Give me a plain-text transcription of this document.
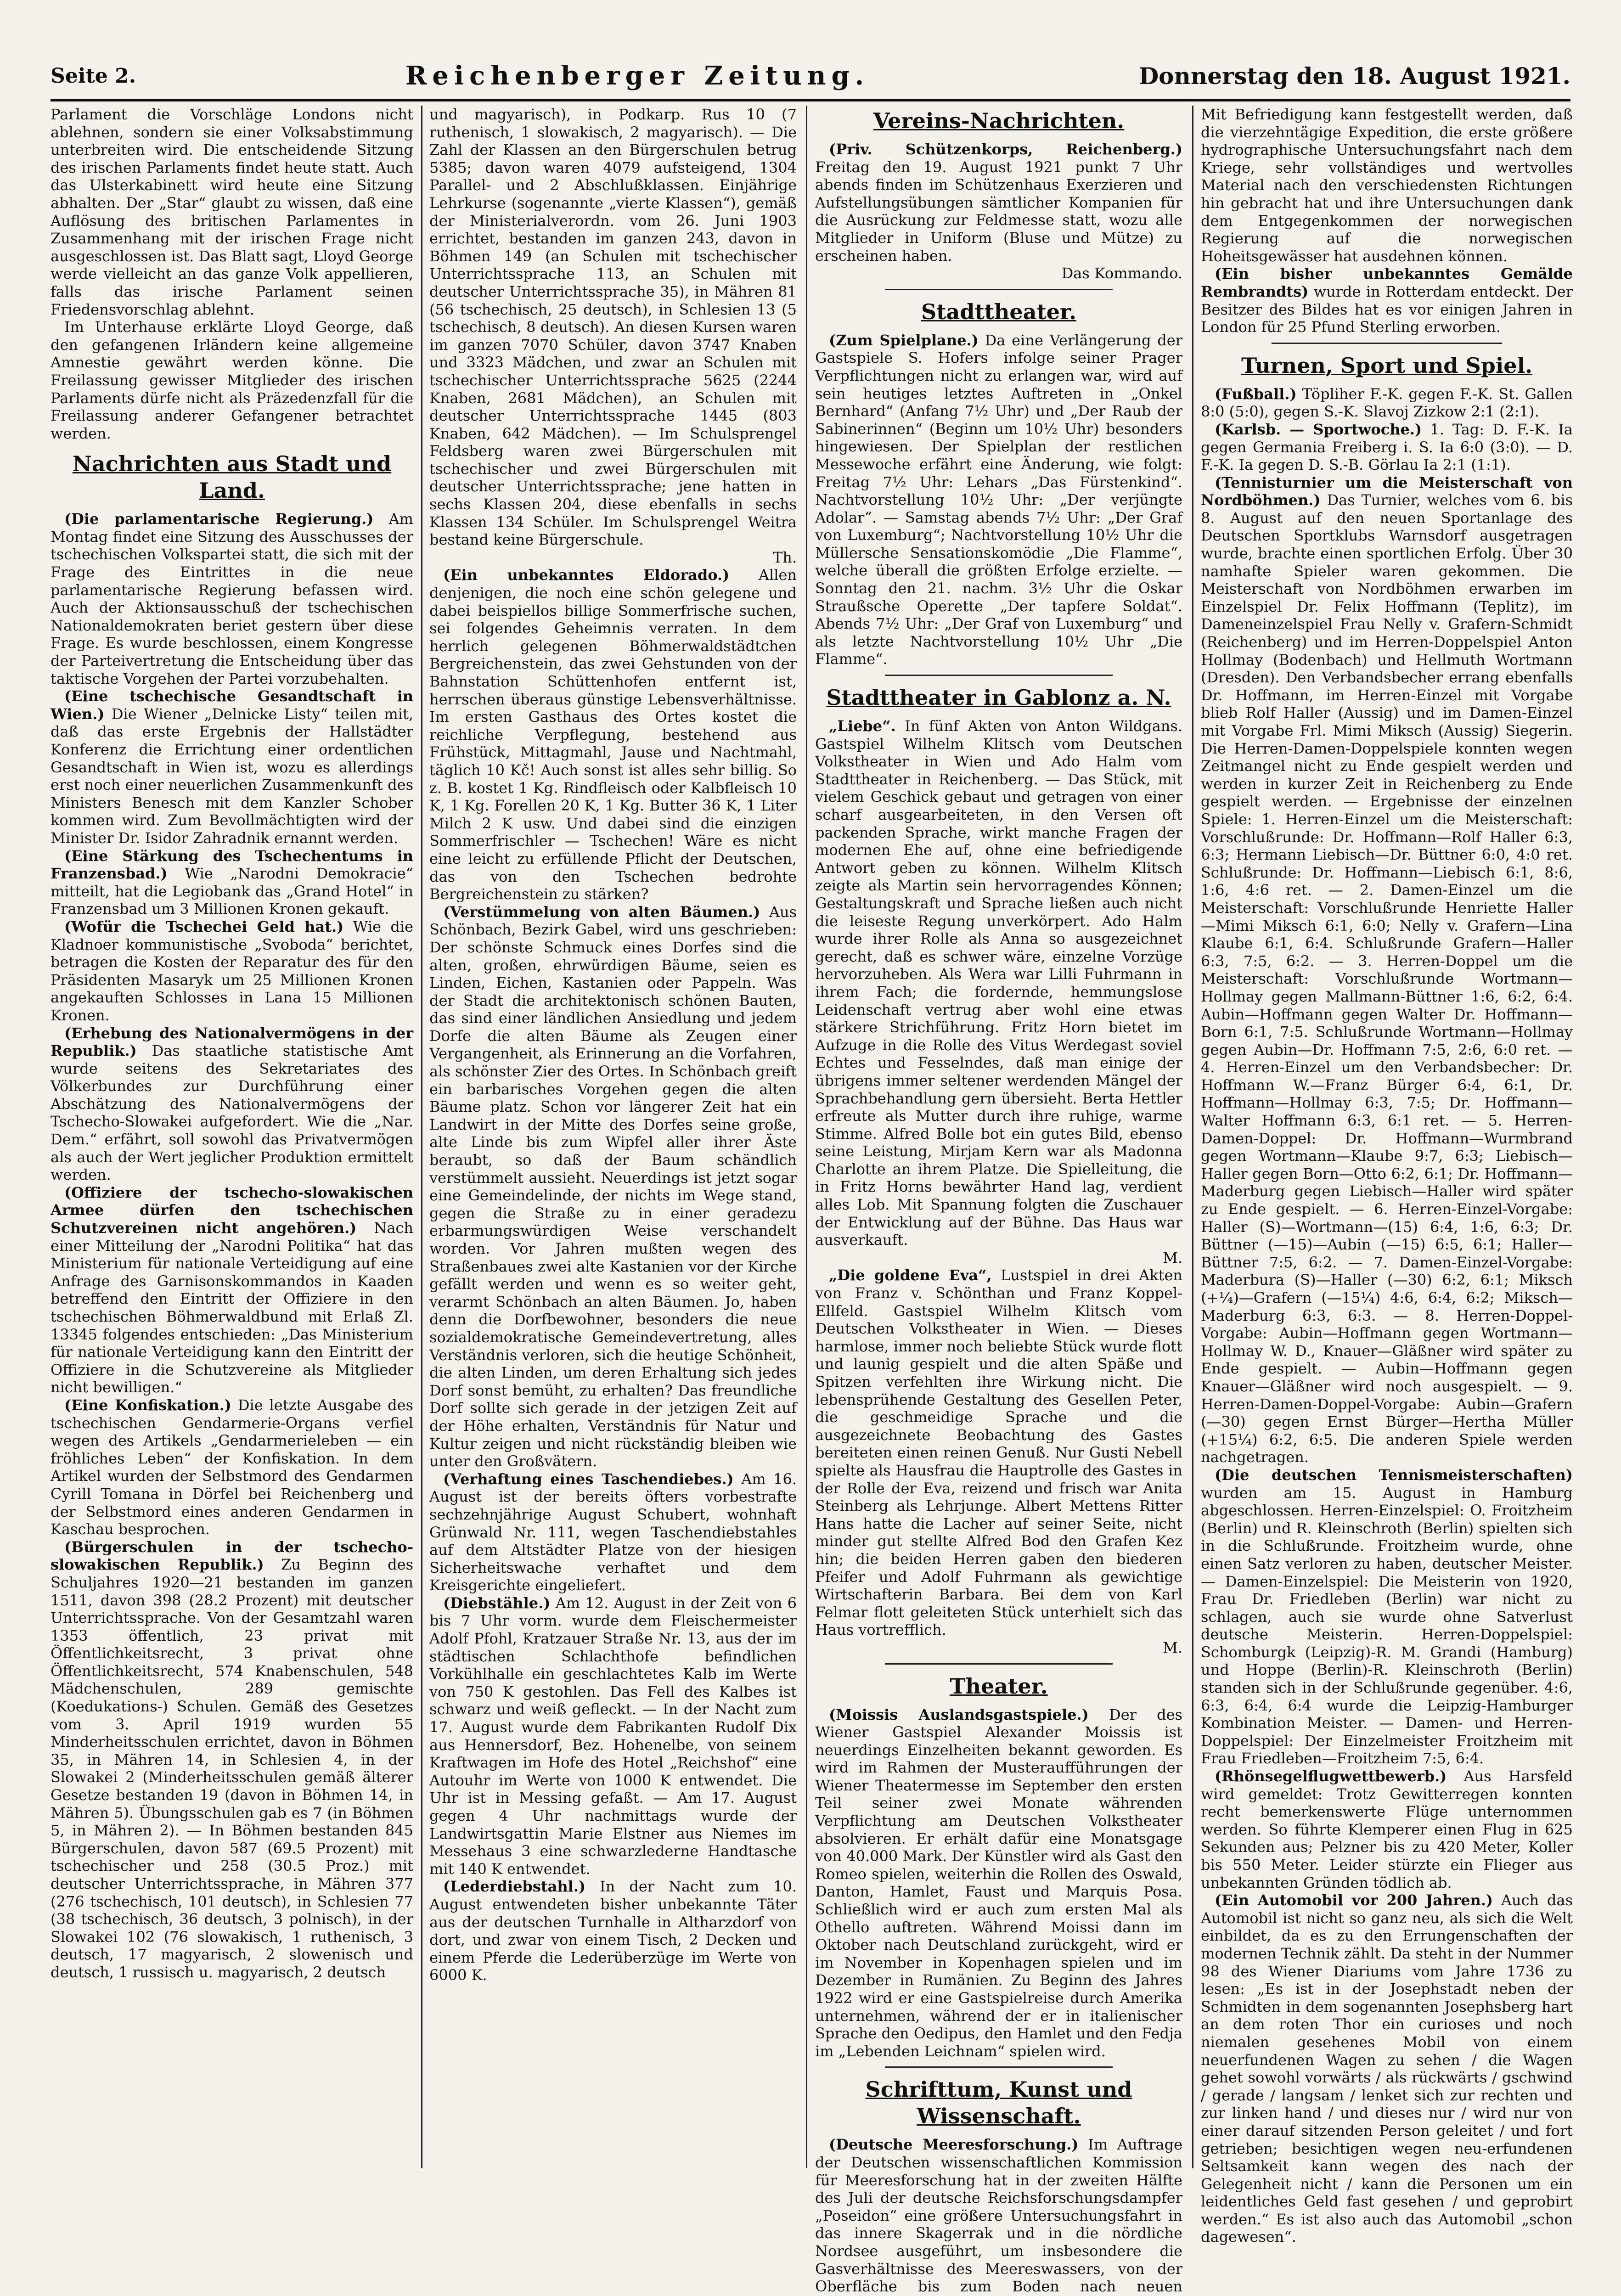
Seite 2.	Reichenberger Zeitung.	Donnerstag den 18. August 1921.

Parlament die Vorschläge Londons nicht ablehnen, sondern sie einer Volksabstimmung unterbreiten wird. Die entscheidende Sitzung des irischen Parlaments findet heute statt. Auch das Ulsterkabinett wird heute eine Sitzung abhalten. Der „Star“ glaubt zu wissen, daß eine Auflösung des britischen Parlamentes in Zusammenhang mit der irischen Frage nicht ausgeschlossen ist. Das Blatt sagt, Lloyd George werde vielleicht an das ganze Volk appellieren, falls das irische Parlament seinen Friedensvorschlag ablehnt.

Im Unterhause erklärte Lloyd George, daß den gefangenen Irländern keine allgemeine Amnestie gewährt werden könne. Die Freilassung gewisser Mitglieder des irischen Parlaments dürfe nicht als Präzedenzfall für die Freilassung anderer Gefangener betrachtet werden.

Nachrichten aus Stadt und Land.

(Die parlamentarische Regierung.) Am Montag findet eine Sitzung des Ausschusses der tschechischen Volkspartei statt, die sich mit der Frage des Eintrittes in die neue parlamentarische Regierung befassen wird. Auch der Aktionsausschuß der tschechischen Nationaldemokraten beriet gestern über diese Frage. Es wurde beschlossen, einem Kongresse der Parteivertretung die Entscheidung über das taktische Vorgehen der Partei vorzubehalten.

(Eine tschechische Gesandtschaft in Wien.) Die Wiener „Delnicke Listy“ teilen mit, daß das erste Ergebnis der Hallstädter Konferenz die Errichtung einer ordentlichen Gesandtschaft in Wien ist, wozu es allerdings erst noch einer neuerlichen Zusammenkunft des Ministers Benesch mit dem Kanzler Schober kommen wird. Zum Bevollmächtigten wird der Minister Dr. Isidor Zahradnik ernannt werden.

(Eine Stärkung des Tschechentums in Franzensbad.) Wie „Narodni Demokracie“ mitteilt, hat die Legiobank das „Grand Hotel“ in Franzensbad um 3 Millionen Kronen gekauft.

(Wofür die Tschechei Geld hat.) Wie die Kladnoer kommunistische „Svoboda“ berichtet, betragen die Kosten der Reparatur des für den Präsidenten Masaryk um 25 Millionen Kronen angekauften Schlosses in Lana 15 Millionen Kronen.

(Erhebung des Nationalvermögens in der Republik.) Das staatliche statistische Amt wurde seitens des Sekretariates des Völkerbundes zur Durchführung einer Abschätzung des Nationalvermögens der Tschecho-Slowakei aufgefordert. Wie die „Nar. Dem.“ erfährt, soll sowohl das Privatvermögen als auch der Wert jeglicher Produktion ermittelt werden.

(Offiziere der tschecho-slowakischen Armee dürfen den tschechischen Schutzvereinen nicht angehören.) Nach einer Mitteilung der „Narodni Politika“ hat das Ministerium für nationale Verteidigung auf eine Anfrage des Garnisonskommandos in Kaaden betreffend den Eintritt der Offiziere in den tschechischen Böhmerwaldbund mit Erlaß Zl. 13345 folgendes entschieden: „Das Ministerium für nationale Verteidigung kann den Eintritt der Offiziere in die Schutzvereine als Mitglieder nicht bewilligen.“

(Eine Konfiskation.) Die letzte Ausgabe des tschechischen Gendarmerie-Organs verfiel wegen des Artikels „Gendarmerieleben — ein fröhliches Leben“ der Konfiskation. In dem Artikel wurden der Selbstmord des Gendarmen Cyrill Tomana in Dörfel bei Reichenberg und der Selbstmord eines anderen Gendarmen in Kaschau besprochen.

(Bürgerschulen in der tschecho-slowakischen Republik.) Zu Beginn des Schuljahres 1920—21 bestanden im ganzen 1511, davon 398 (28.2 Prozent) mit deutscher Unterrichtssprache. Von der Gesamtzahl waren 1353 öffentlich, 23 privat mit Öffentlichkeitsrecht, 3 privat ohne Öffentlichkeitsrecht, 574 Knabenschulen, 548 Mädchenschulen, 289 gemischte (Koedukations-) Schulen. Gemäß des Gesetzes vom 3. April 1919 wurden 55 Minderheitsschulen errichtet, davon in Böhmen 35, in Mähren 14, in Schlesien 4, in der Slowakei 2 (Minderheitsschulen gemäß älterer Gesetze bestanden 19 (davon in Böhmen 14, in Mähren 5). Übungsschulen gab es 7 (in Böhmen 5, in Mähren 2). — In Böhmen bestanden 845 Bürgerschulen, davon 587 (69.5 Prozent) mit tschechischer und 258 (30.5 Proz.) mit deutscher Unterrichtssprache, in Mähren 377 (276 tschechisch, 101 deutsch), in Schlesien 77 (38 tschechisch, 36 deutsch, 3 polnisch), in der Slowakei 102 (76 slowakisch, 1 ruthenisch, 3 deutsch, 17 magyarisch, 2 slowenisch und deutsch, 1 russisch u. magyarisch, 2 deutsch

und magyarisch), in Podkarp. Rus 10 (7 ruthenisch, 1 slowakisch, 2 magyarisch). — Die Zahl der Klassen an den Bürgerschulen betrug 5385; davon waren 4079 aufsteigend, 1304 Parallel- und 2 Abschlußklassen. Einjährige Lehrkurse (sogenannte „vierte Klassen“), gemäß der Ministerialverordn. vom 26. Juni 1903 errichtet, bestanden im ganzen 243, davon in Böhmen 149 (an Schulen mit tschechischer Unterrichtssprache 113, an Schulen mit deutscher Unterrichtssprache 35), in Mähren 81 (56 tschechisch, 25 deutsch), in Schlesien 13 (5 tschechisch, 8 deutsch). An diesen Kursen waren im ganzen 7070 Schüler, davon 3747 Knaben und 3323 Mädchen, und zwar an Schulen mit tschechischer Unterrichtssprache 5625 (2244 Knaben, 2681 Mädchen), an Schulen mit deutscher Unterrichtssprache 1445 (803 Knaben, 642 Mädchen). — Im Schulsprengel Feldsberg waren zwei Bürgerschulen mit tschechischer und zwei Bürgerschulen mit deutscher Unterrichtssprache; jene hatten in sechs Klassen 204, diese ebenfalls in sechs Klassen 134 Schüler. Im Schulsprengel Weitra bestand keine Bürgerschule.

Th.

(Ein unbekanntes Eldorado.) Allen denjenigen, die noch eine schön gelegene und dabei beispiellos billige Sommerfrische suchen, sei folgendes Geheimnis verraten. In dem herrlich gelegenen Böhmerwaldstädtchen Bergreichenstein, das zwei Gehstunden von der Bahnstation Schüttenhofen entfernt ist, herrschen überaus günstige Lebensverhältnisse. Im ersten Gasthaus des Ortes kostet die reichliche Verpflegung, bestehend aus Frühstück, Mittagmahl, Jause und Nachtmahl, täglich 10 Kč! Auch sonst ist alles sehr billig. So z. B. kostet 1 Kg. Rindfleisch oder Kalbfleisch 10 K, 1 Kg. Forellen 20 K, 1 Kg. Butter 36 K, 1 Liter Milch 2 K usw. Und dabei sind die einzigen Sommerfrischler — Tschechen! Wäre es nicht eine leicht zu erfüllende Pflicht der Deutschen, das von den Tschechen bedrohte Bergreichenstein zu stärken?

(Verstümmelung von alten Bäumen.) Aus Schönbach, Bezirk Gabel, wird uns geschrieben: Der schönste Schmuck eines Dorfes sind die alten, großen, ehrwürdigen Bäume, seien es Linden, Eichen, Kastanien oder Pappeln. Was der Stadt die architektonisch schönen Bauten, das sind einer ländlichen Ansiedlung und jedem Dorfe die alten Bäume als Zeugen einer Vergangenheit, als Erinnerung an die Vorfahren, als schönster Zier des Ortes. In Schönbach greift ein barbarisches Vorgehen gegen die alten Bäume platz. Schon vor längerer Zeit hat ein Landwirt in der Mitte des Dorfes seine große, alte Linde bis zum Wipfel aller ihrer Äste beraubt, so daß der Baum schändlich verstümmelt aussieht. Neuerdings ist jetzt sogar eine Gemeindelinde, der nichts im Wege stand, gegen die Straße zu in einer geradezu erbarmungswürdigen Weise verschandelt worden. Vor Jahren mußten wegen des Straßenbaues zwei alte Kastanien vor der Kirche gefällt werden und wenn es so weiter geht, verarmt Schönbach an alten Bäumen. Jo, haben denn die Dorfbewohner, besonders die neue sozialdemokratische Gemeindevertretung, alles Verständnis verloren, sich die heutige Schönheit, die alten Linden, um deren Erhaltung sich jedes Dorf sonst bemüht, zu erhalten? Das freundliche Dorf sollte sich gerade in der jetzigen Zeit auf der Höhe erhalten, Verständnis für Natur und Kultur zeigen und nicht rückständig bleiben wie unter den Großvätern.

(Verhaftung eines Taschendiebes.) Am 16. August ist der bereits öfters vorbestrafte sechzehnjährige August Schubert, wohnhaft Grünwald Nr. 111, wegen Taschendiebstahles auf dem Altstädter Platze von der hiesigen Sicherheitswache verhaftet und dem Kreisgerichte eingeliefert.

(Diebstähle.) Am 12. August in der Zeit von 6 bis 7 Uhr vorm. wurde dem Fleischermeister Adolf Pfohl, Kratzauer Straße Nr. 13, aus der im städtischen Schlachthofe befindlichen Vorkühlhalle ein geschlachtetes Kalb im Werte von 750 K gestohlen. Das Fell des Kalbes ist schwarz und weiß gefleckt. — In der Nacht zum 17. August wurde dem Fabrikanten Rudolf Dix aus Hennersdorf, Bez. Hohenelbe, von seinem Kraftwagen im Hofe des Hotel „Reichshof“ eine Autouhr im Werte von 1000 K entwendet. Die Uhr ist in Messing gefaßt. — Am 17. August gegen 4 Uhr nachmittags wurde der Landwirtsgattin Marie Elstner aus Niemes im Messehaus 3 eine schwarzlederne Handtasche mit 140 K entwendet.

(Lederdiebstahl.) In der Nacht zum 10. August entwendeten bisher unbekannte Täter aus der deutschen Turnhalle in Altharzdorf von dort, und zwar von einem Tisch, 2 Decken und einem Pferde die Lederüberzüge im Werte von 6000 K.

Vereins-Nachrichten.

(Priv. Schützenkorps, Reichenberg.) Freitag den 19. August 1921 punkt 7 Uhr abends finden im Schützenhaus Exerzieren und Aufstellungsübungen sämtlicher Kompanien für die Ausrückung zur Feldmesse statt, wozu alle Mitglieder in Uniform (Bluse und Mütze) zu erscheinen haben.

Das Kommando.

Stadttheater.

(Zum Spielplane.) Da eine Verlängerung der Gastspiele S. Hofers infolge seiner Prager Verpflichtungen nicht zu erlangen war, wird auf sein heutiges letztes Auftreten in „Onkel Bernhard“ (Anfang 7½ Uhr) und „Der Raub der Sabinerinnen“ (Beginn um 10½ Uhr) besonders hingewiesen. Der Spielplan der restlichen Messewoche erfährt eine Änderung, wie folgt: Freitag 7½ Uhr: Lehars „Das Fürstenkind“. Nachtvorstellung 10½ Uhr: „Der verjüngte Adolar“. — Samstag abends 7½ Uhr: „Der Graf von Luxemburg“; Nachtvorstellung 10½ Uhr die Müllersche Sensationskomödie „Die Flamme“, welche überall die größten Erfolge erzielte. — Sonntag den 21. nachm. 3½ Uhr die Oskar Straußsche Operette „Der tapfere Soldat“. Abends 7½ Uhr: „Der Graf von Luxemburg“ und als letzte Nachtvorstellung 10½ Uhr „Die Flamme“.

Stadttheater in Gablonz a. N.

„Liebe“. In fünf Akten von Anton Wildgans. Gastspiel Wilhelm Klitsch vom Deutschen Volkstheater in Wien und Ado Halm vom Stadttheater in Reichenberg. — Das Stück, mit vielem Geschick gebaut und getragen von einer scharf ausgearbeiteten, in den Versen oft packenden Sprache, wirkt manche Fragen der modernen Ehe auf, ohne eine befriedigende Antwort geben zu können. Wilhelm Klitsch zeigte als Martin sein hervorragendes Können; Gestaltungskraft und Sprache ließen auch nicht die leiseste Regung unverkörpert. Ado Halm wurde ihrer Rolle als Anna so ausgezeichnet gerecht, daß es schwer wäre, einzelne Vorzüge hervorzuheben. Als Wera war Lilli Fuhrmann in ihrem Fach; die fordernde, hemmungslose Leidenschaft vertrug aber wohl eine etwas stärkere Strichführung. Fritz Horn bietet im Aufzuge in die Rolle des Vitus Werdegast soviel Echtes und Fesselndes, daß man einige der übrigens immer seltener werdenden Mängel der Sprachbehandlung gern übersieht. Berta Hettler erfreute als Mutter durch ihre ruhige, warme Stimme. Alfred Bolle bot ein gutes Bild, ebenso seine Leistung, Mirjam Kern war als Madonna Charlotte an ihrem Platze. Die Spielleitung, die in Fritz Horns bewährter Hand lag, verdient alles Lob. Mit Spannung folgten die Zuschauer der Entwicklung auf der Bühne. Das Haus war ausverkauft.

M.

„Die goldene Eva“, Lustspiel in drei Akten von Franz v. Schönthan und Franz Koppel-Ellfeld. Gastspiel Wilhelm Klitsch vom Deutschen Volkstheater in Wien. — Dieses harmlose, immer noch beliebte Stück wurde flott und launig gespielt und die alten Späße und Spitzen verfehlten ihre Wirkung nicht. Die lebensprühende Gestaltung des Gesellen Peter, die geschmeidige Sprache und die ausgezeichnete Beobachtung des Gastes bereiteten einen reinen Genuß. Nur Gusti Nebell spielte als Hausfrau die Hauptrolle des Gastes in der Rolle der Eva, reizend und frisch war Anita Steinberg als Lehrjunge. Albert Mettens Ritter Hans hatte die Lacher auf seiner Seite, nicht minder gut stellte Alfred Bod den Grafen Kez hin; die beiden Herren gaben den biederen Pfeifer und Adolf Fuhrmann als gewichtige Wirtschafterin Barbara. Bei dem von Karl Felmar flott geleiteten Stück unterhielt sich das Haus vortrefflich.

M.

Theater.

(Moissis Auslandsgastspiele.) Der des Wiener Gastspiel Alexander Moissis ist neuerdings Einzelheiten bekannt geworden. Es wird im Rahmen der Musteraufführungen der Wiener Theatermesse im September den ersten Teil seiner zwei Monate währenden Verpflichtung am Deutschen Volkstheater absolvieren. Er erhält dafür eine Monatsgage von 40.000 Mark. Der Künstler wird als Gast den Romeo spielen, weiterhin die Rollen des Oswald, Danton, Hamlet, Faust und Marquis Posa. Schließlich wird er auch zum ersten Mal als Othello auftreten. Während Moissi dann im Oktober nach Deutschland zurückgeht, wird er im November in Kopenhagen spielen und im Dezember in Rumänien. Zu Beginn des Jahres 1922 wird er eine Gastspielreise durch Amerika unternehmen, während der er in italienischer Sprache den Oedipus, den Hamlet und den Fedja im „Lebenden Leichnam“ spielen wird.

Schrifttum, Kunst und Wissenschaft.

(Deutsche Meeresforschung.) Im Auftrage der Deutschen wissenschaftlichen Kommission für Meeresforschung hat in der zweiten Hälfte des Juli der deutsche Reichsforschungsdampfer „Poseidon“ eine größere Untersuchungsfahrt in das innere Skagerrak und in die nördliche Nordsee ausgeführt, um insbesondere die Gasverhältnisse des Meereswassers, von der Oberfläche bis zum Boden nach neuen

Mit Befriedigung kann festgestellt werden, daß die vierzehntägige Expedition, die erste größere hydrographische Untersuchungsfahrt nach dem Kriege, sehr vollständiges und wertvolles Material nach den verschiedensten Richtungen hin gebracht hat und ihre Untersuchungen dank dem Entgegenkommen der norwegischen Regierung auf die norwegischen Hoheitsgewässer hat ausdehnen können.

(Ein bisher unbekanntes Gemälde Rembrandts) wurde in Rotterdam entdeckt. Der Besitzer des Bildes hat es vor einigen Jahren in London für 25 Pfund Sterling erworben.

Turnen, Sport und Spiel.

(Fußball.) Töpliher F.-K. gegen F.-K. St. Gallen 8:0 (5:0), gegen S.-K. Slavoj Zizkow 2:1 (2:1).

(Karlsb. — Sportwoche.) 1. Tag: D. F.-K. Ia gegen Germania Freiberg i. S. Ia 6:0 (3:0). — D. F.-K. Ia gegen D. S.-B. Görlau Ia 2:1 (1:1).

(Tennisturnier um die Meisterschaft von Nordböhmen.) Das Turnier, welches vom 6. bis 8. August auf den neuen Sportanlage des Deutschen Sportklubs Warnsdorf ausgetragen wurde, brachte einen sportlichen Erfolg. Über 30 namhafte Spieler waren gekommen. Die Meisterschaft von Nordböhmen erwarben im Einzelspiel Dr. Felix Hoffmann (Teplitz), im Dameneinzelspiel Frau Nelly v. Grafern-Schmidt (Reichenberg) und im Herren-Doppelspiel Anton Hollmay (Bodenbach) und Hellmuth Wortmann (Dresden). Den Verbandsbecher errang ebenfalls Dr. Hoffmann, im Herren-Einzel mit Vorgabe blieb Rolf Haller (Aussig) und im Damen-Einzel mit Vorgabe Frl. Mimi Miksch (Aussig) Siegerin. Die Herren-Damen-Doppelspiele konnten wegen Zeitmangel nicht zu Ende gespielt werden und werden in kurzer Zeit in Reichenberg zu Ende gespielt werden. — Ergebnisse der einzelnen Spiele: 1. Herren-Einzel um die Meisterschaft: Vorschlußrunde: Dr. Hoffmann—Rolf Haller 6:3, 6:3; Hermann Liebisch—Dr. Büttner 6:0, 4:0 ret. Schlußrunde: Dr. Hoffmann—Liebisch 6:1, 8:6, 1:6, 4:6 ret. — 2. Damen-Einzel um die Meisterschaft: Vorschlußrunde Henriette Haller—Mimi Miksch 6:1, 6:0; Nelly v. Grafern—Lina Klaube 6:1, 6:4. Schlußrunde Grafern—Haller 6:3, 7:5, 6:2. — 3. Herren-Doppel um die Meisterschaft: Vorschlußrunde Wortmann—Hollmay gegen Mallmann-Büttner 1:6, 6:2, 6:4. Aubin—Hoffmann gegen Walter Dr. Hoffmann—Born 6:1, 7:5. Schlußrunde Wortmann—Hollmay gegen Aubin—Dr. Hoffmann 7:5, 2:6, 6:0 ret. — 4. Herren-Einzel um den Verbandsbecher: Dr. Hoffmann W.—Franz Bürger 6:4, 6:1, Dr. Hoffmann—Hollmay 6:3, 7:5; Dr. Hoffmann—Walter Hoffmann 6:3, 6:1 ret. — 5. Herren-Damen-Doppel: Dr. Hoffmann—Wurmbrand gegen Wortmann—Klaube 9:7, 6:3; Liebisch—Haller gegen Born—Otto 6:2, 6:1; Dr. Hoffmann—Maderburg gegen Liebisch—Haller wird später zu Ende gespielt. — 6. Herren-Einzel-Vorgabe: Haller (S)—Wortmann—(15) 6:4, 1:6, 6:3; Dr. Büttner (—15)—Aubin (—15) 6:5, 6:1; Haller—Büttner 7:5, 6:2. — 7. Damen-Einzel-Vorgabe: Maderbura (S)—Haller (—30) 6:2, 6:1; Miksch (+¼)—Grafern (—15¼) 4:6, 6:4, 6:2; Miksch—Maderburg 6:3, 6:3. — 8. Herren-Doppel-Vorgabe: Aubin—Hoffmann gegen Wortmann—Hollmay W. D., Knauer—Gläßner wird später zu Ende gespielt. — Aubin—Hoffmann gegen Knauer—Gläßner wird noch ausgespielt. — 9. Herren-Damen-Doppel-Vorgabe: Aubin—Grafern (—30) gegen Ernst Bürger—Hertha Müller (+15¼) 6:2, 6:5. Die anderen Spiele werden nachgetragen.

(Die deutschen Tennismeisterschaften) wurden am 15. August in Hamburg abgeschlossen. Herren-Einzelspiel: O. Froitzheim (Berlin) und R. Kleinschroth (Berlin) spielten sich in die Schlußrunde. Froitzheim wurde, ohne einen Satz verloren zu haben, deutscher Meister. — Damen-Einzelspiel: Die Meisterin von 1920, Frau Dr. Friedleben (Berlin) war nicht zu schlagen, auch sie wurde ohne Satverlust deutsche Meisterin. Herren-Doppelspiel: Schomburgk (Leipzig)-R. M. Grandi (Hamburg) und Hoppe (Berlin)-R. Kleinschroth (Berlin) standen sich in der Schlußrunde gegenüber. 4:6, 6:3, 6:4, 6:4 wurde die Leipzig-Hamburger Kombination Meister. — Damen- und Herren-Doppelspiel: Der Einzelmeister Froitzheim mit Frau Friedleben—Froitzheim 7:5, 6:4.

(Rhönsegelflugwettbewerb.) Aus Harsfeld wird gemeldet: Trotz Gewitterregen konnten recht bemerkenswerte Flüge unternommen werden. So führte Klemperer einen Flug in 625 Sekunden aus; Pelzner bis zu 420 Meter, Koller bis 550 Meter. Leider stürzte ein Flieger aus unbekannten Gründen tödlich ab.

(Ein Automobil vor 200 Jahren.) Auch das Automobil ist nicht so ganz neu, als sich die Welt einbildet, da es zu den Errungenschaften der modernen Technik zählt. Da steht in der Nummer 98 des Wiener Diariums vom Jahre 1736 zu lesen: „Es ist in der Josephstadt neben der Schmidten in dem sogenannten Josephsberg hart an dem roten Thor ein curioses und noch niemalen gesehenes Mobil von einem neuerfundenen Wagen zu sehen / die Wagen gehet sowohl vorwärts / als rückwärts / gschwind / gerade / langsam / lenket sich zur rechten und zur linken hand / und dieses nur / wird nur von einer darauf sitzenden Person geleitet / und fort getrieben; besichtigen wegen neu-erfundenen Seltsamkeit kann wegen des nach der Gelegenheit nicht / kann die Personen um ein leidentliches Geld fast gesehen / und geprobirt werden.“ Es ist also auch das Automobil „schon dagewesen“.
